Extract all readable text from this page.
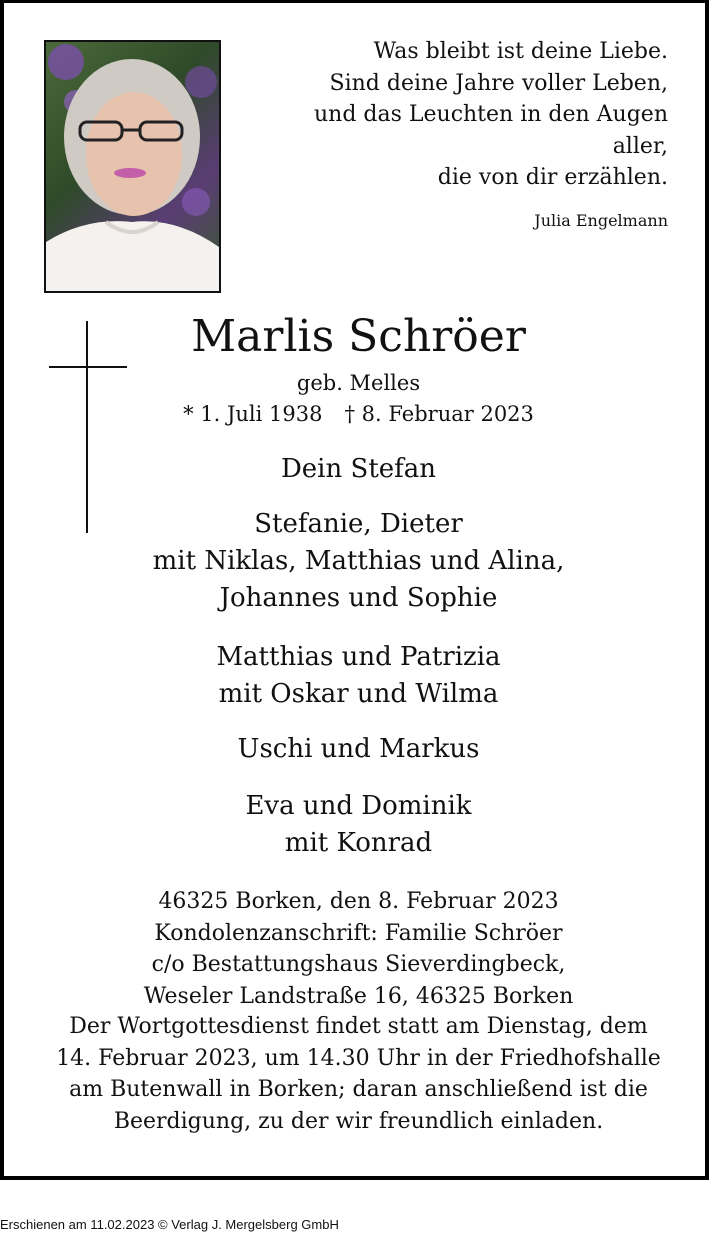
Was bleibt ist deine Liebe.
Sind deine Jahre voller Leben,
und das Leuchten in den Augen
aller,
die von dir erzählen.
Julia Engelmann
Marlis Schröer
geb. Melles
* 1. Juli 1938 † 8. Februar 2023
Dein Stefan
Stefanie, Dieter
mit Niklas, Matthias und Alina,
Johannes und Sophie
Matthias und Patrizia
mit Oskar und Wilma
Uschi und Markus
Eva und Dominik
mit Konrad
46325 Borken, den 8. Februar 2023
Kondolenzanschrift: Familie Schröer
c/o Bestattungshaus Sieverdingbeck,
Weseler Landstraße 16, 46325 Borken
Der Wortgottesdienst findet statt am Dienstag, dem
14. Februar 2023, um 14.30 Uhr in der Friedhofshalle
am Butenwall in Borken; daran anschließend ist die
Beerdigung, zu der wir freundlich einladen.
Erschienen am 11.02.2023 © Verlag J. Mergelsberg GmbH
